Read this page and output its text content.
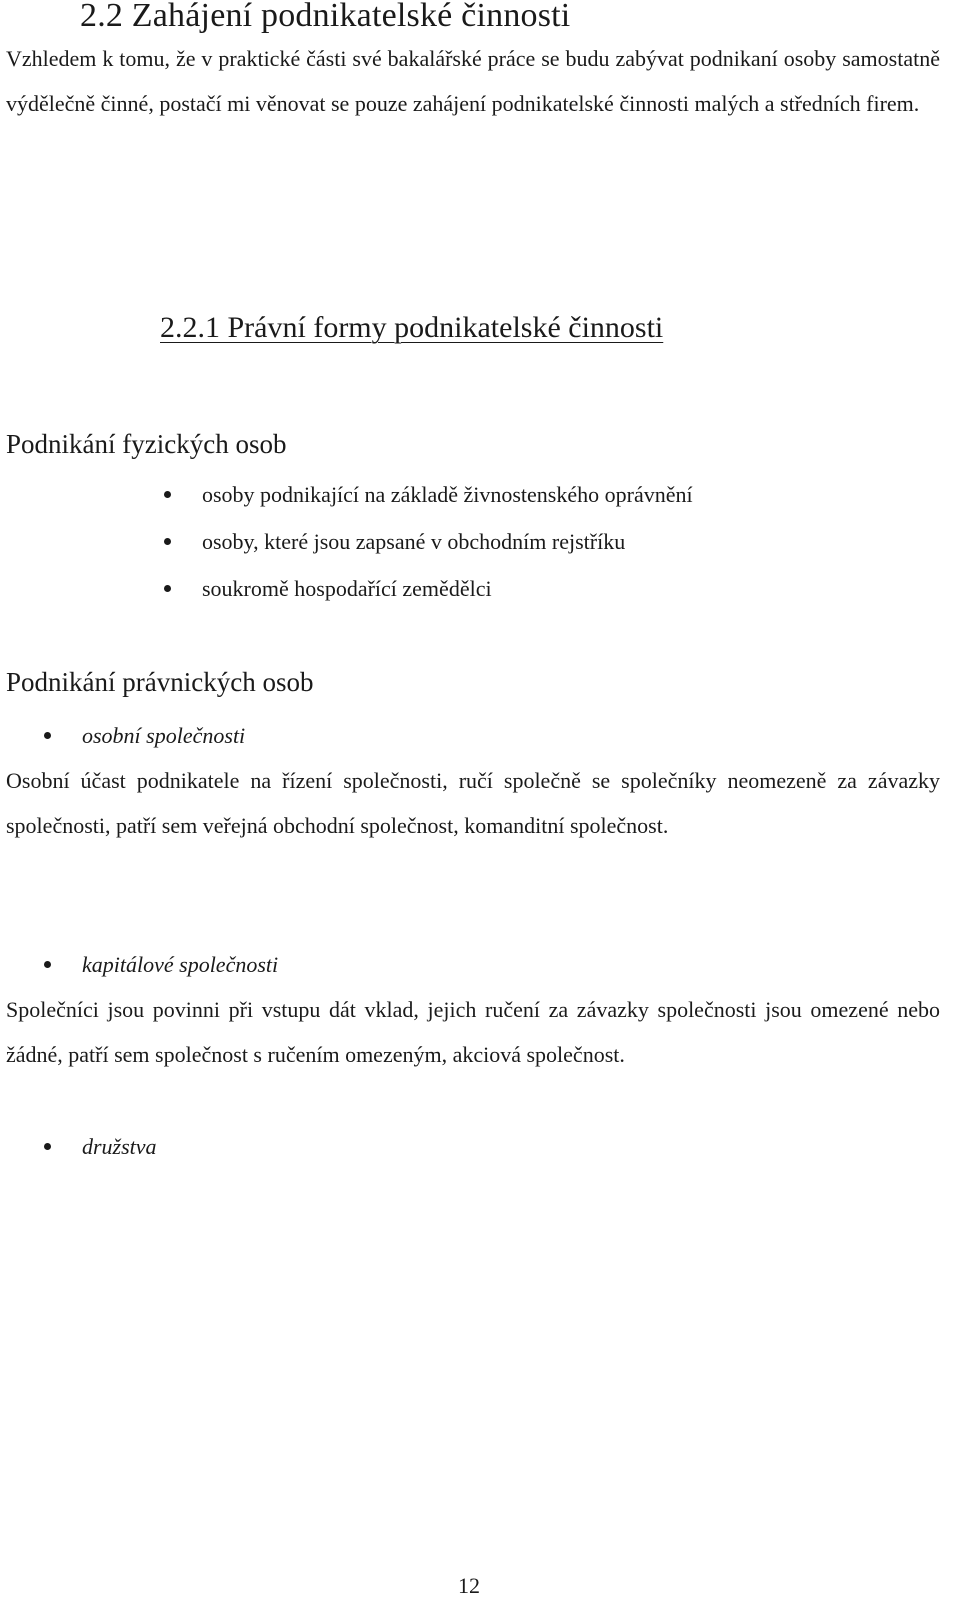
2.2 Zahájení podnikatelské činnosti

Vzhledem k tomu, že v praktické části své bakalářské práce se budu zabývat podnikaní osoby samostatně výdělečně činné, postačí mi věnovat se pouze zahájení podnikatelské činnosti malých a středních firem.

2.2.1 Právní formy podnikatelské činnosti
Podnikání fyzických osob
osoby podnikající na základě živnostenského oprávnění
osoby, které jsou zapsané v obchodním rejstříku
soukromě hospodařící zemědělci
Podnikání právnických osob
osobní společnosti

Osobní účast podnikatele na řízení společnosti, ručí společně se společníky neomezeně za závazky společnosti, patří sem veřejná obchodní společnost, komanditní společnost.

kapitálové společnosti

Společníci jsou povinni při vstupu dát vklad, jejich ručení za závazky společnosti jsou omezené nebo žádné, patří sem společnost s ručením omezeným, akciová společnost.

družstva
12
